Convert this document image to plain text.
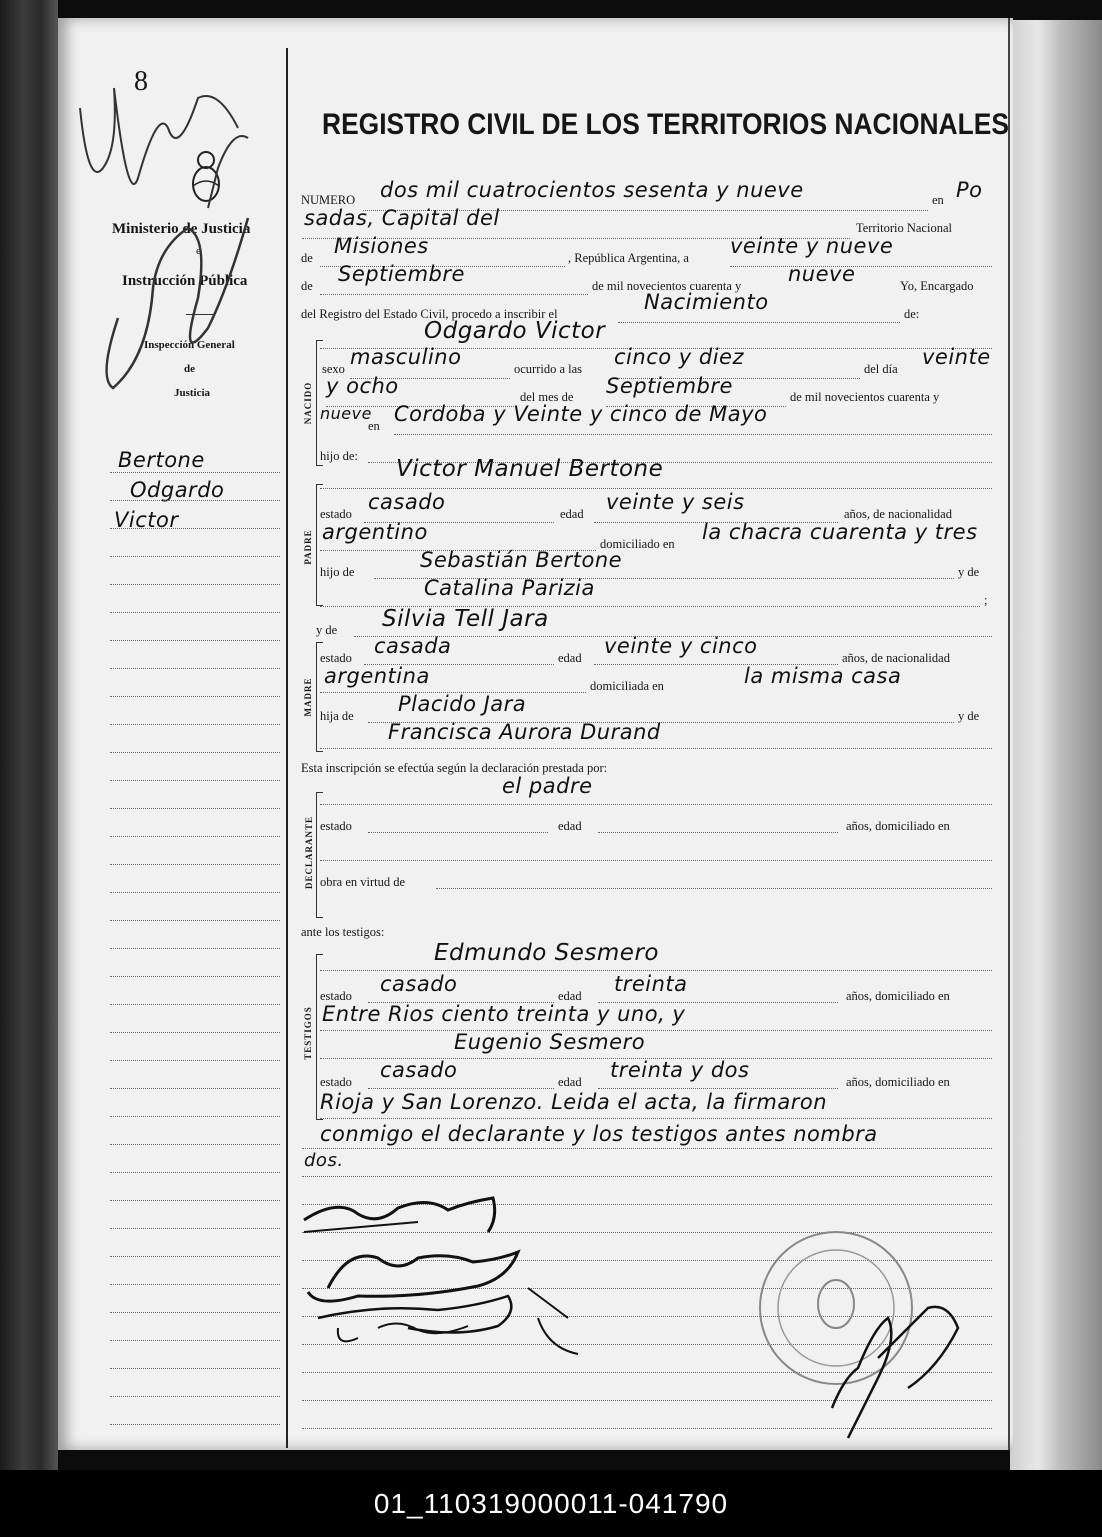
8
Ministerio de Justicia
e
Instrucción Pública
Inspección General
de
Justicia
Bertone
Odgardo
Victor
REGISTRO CIVIL DE LOS TERRITORIOS NACIONALES
NUMERO dos mil cuatrocientos sesenta y nueve	en Po
sadas, Capital del	Territorio Nacional
de Misiones	, República Argentina, a veinte y nueve
de Septiembre	de mil novecientos cuarenta y nueve	Yo, Encargado
del Registro del Estado Civil, procedo a inscribir el	Nacimiento	de:
Odgardo Victor
NACIDO
sexo masculino	ocurrido a las cinco y diez	del día veinte
y ocho	del mes de Septiembre	de mil novecientos cuarenta y
nueve
en Cordoba y Veinte y cinco de Mayo
hijo de: Victor Manuel Bertone
PADRE
estado casado	edad veinte y seis	años, de nacionalidad
argentino	domiciliado en la chacra cuarenta y tres
hijo de	Sebastián Bertone	y de
Catalina Parizia	;
y de Silvia Tell Jara
MADRE
estado casada	edad veinte y cinco	años, de nacionalidad
argentina	domiciliada en	la misma casa
hija de Placido Jara	y de
Francisca Aurora Durand
Esta inscripción se efectúa según la declaración prestada por:
el padre
DECLARANTE estado	edad	años, domiciliado en
obra en virtud de
ante los testigos:
Edmundo Sesmero
TESTIGOS
estado casado	edad treinta	años, domiciliado en
Entre Rios ciento treinta y uno, y
Eugenio Sesmero
estado casado	edad treinta y dos	años, domiciliado en
Rioja y San Lorenzo. Leida el acta, la firmaron
conmigo el declarante y los testigos antes nombra
dos.
01_110319000011-041790
